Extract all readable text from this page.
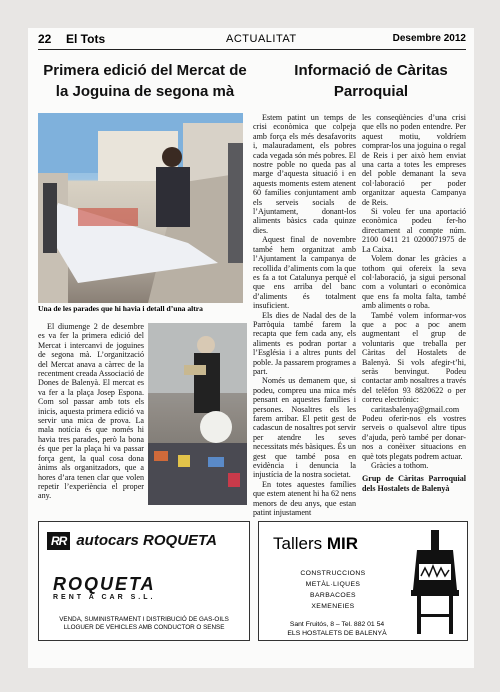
22 El Tots	ACTUALITAT	Desembre 2012
Primera edició del Mercat de la Joguina de segona mà
Informació de Càritas Parroquial
Una de les parades que hi havia i detall d’una altra

El diumenge 2 de desembre es va fer la primera edició del Mercat i intercanvi de joguines de segona mà. L’organització del Mercat anava a càrrec de la recentment creada Associació de Dones de Balenyà. El mercat es va fer a la plaça Josep Espona. Com sol passar amb tots els inicis, aquesta primera edició va servir una mica de prova. La mala notícia és que només hi havia tres parades, però la bona és que per la plaça hi va passar força gent, la qual cosa dona ànims als organitzadors, que a hores d’ara tenen clar que volen repetir l’experiència el proper any.

Estem patint un temps de crisi econòmica que colpeja amb força els més desafavorits i, malauradament, els pobres cada vegada són més pobres. El nostre poble no queda pas al marge d’aquesta situació i en aquests moments estem atenent 60 famílies conjuntament amb els serveis socials de l’Ajuntament, donant-los aliments bàsics cada quinze dies.

Aquest final de novembre també hem organitzat amb l’Ajuntament la campanya de recollida d’aliments com la que es fa a tot Catalunya perquè el que ens arriba del banc d’aliments és totalment insuficient.

Els dies de Nadal des de la Parròquia també farem la recapta que fem cada any, els aliments es podran portar a l’Església i a altres punts del poble. Ja passarem programes a part.

Només us demanem que, si podeu, compreu una mica més pensant en aquestes famílies i persones. Nosaltres els les farem arribar. El petit gest de cadascun de nosaltres pot servir per atendre les seves necessitats més bàsiques. És un gest que també posa en evidència i denuncia la injustícia de la nostra societat.

En totes aquestes famílies que estem atenent hi ha 62 nens menors de deu anys, que estan patint injustament

les conseqüències d’una crisi que ells no poden entendre. Per aquest motiu, voldríem comprar-los una joguina o regal de Reis i per això hem enviat una carta a totes les empreses del poble demanant la seva col·laboració per poder organitzar aquesta Campanya de Reis.

Si voleu fer una aportació econòmica podeu fer-ho directament al compte núm. 2100 0411 21 0200071975 de La Caixa.

Volem donar les gràcies a tothom qui ofereix la seva col·laboració, ja sigui personal com a voluntari o econòmica que ens fa molta falta, també amb aliments o roba.

També volem informar-vos que a poc a poc anem augmentant el grup de voluntaris que treballa per Càritas del Hostalets de Balenyà. Si vols afegir-t’hi, seràs benvingut. Podeu contactar amb nosaltres a través del telèfon 93 8820622 o per correu electrònic:

caritasbalenya@gmail.com Podeu oferir-nos els vostres serveis o qualsevol altre tipus d’ajuda, però també per donar-nos a conèixer situacions en què tots plegats podrem actuar.

Gràcies a tothom.

Grup de Càritas Parroquial dels Hostalets de Balenyà

RR autocars ROQUETA
ROQUETA
RENT A CAR S.L.
VENDA, SUMINISTRAMENT I DISTRIBUCIÓ DE GAS-OILS
LLOGUER DE VEHICLES AMB CONDUCTOR O SENSE
Tallers MIR
CONSTRUCCIONS
METÀL·LIQUES
BARBACOES
XEMENEIES
Sant Fruitós, 8 – Tel. 882 01 54
ELS HOSTALETS DE BALENYÀ
